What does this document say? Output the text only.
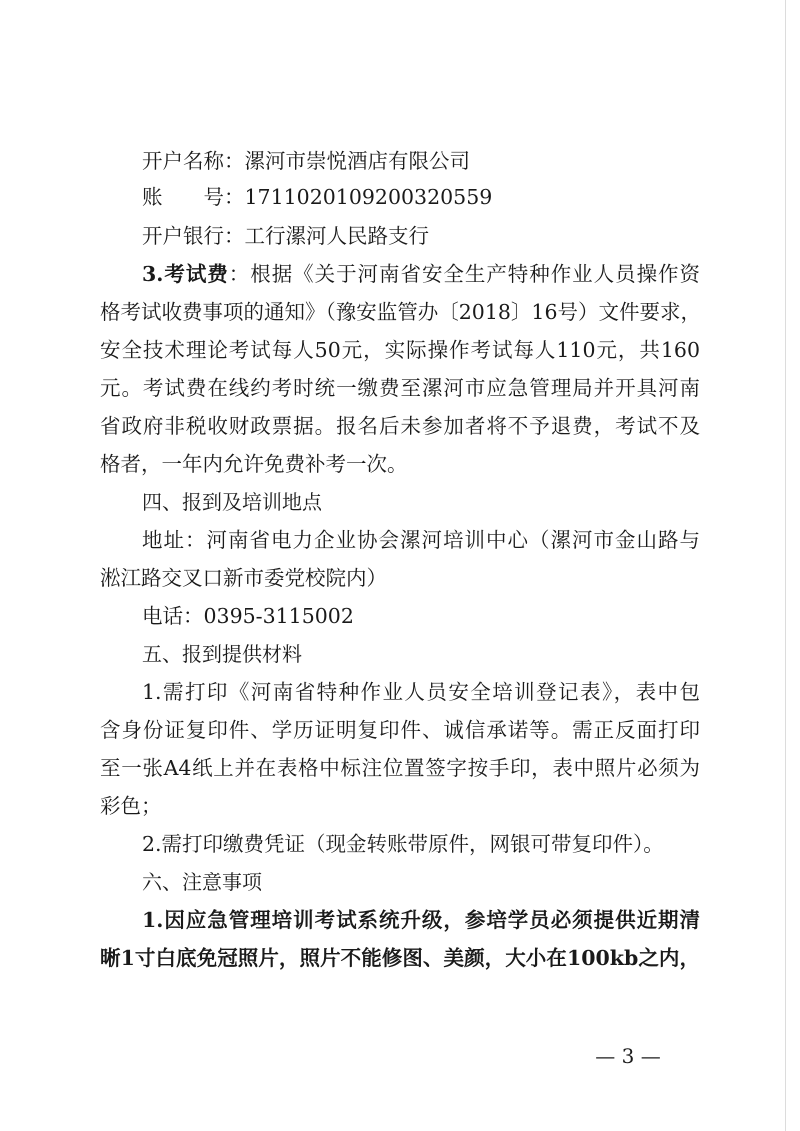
开户名称：漯河市崇悦酒店有限公司
账　　号：1711020109200320559
开户银行：工行漯河人民路支行
3.考试费：根据《关于河南省安全生产特种作业人员操作资
格考试收费事项的通知》（豫安监管办〔2018〕16号）文件要求，
安全技术理论考试每人50元，实际操作考试每人110元，共160
元。考试费在线约考时统一缴费至漯河市应急管理局并开具河南
省政府非税收财政票据。报名后未参加者将不予退费，考试不及
格者，一年内允许免费补考一次。
四、报到及培训地点
地址：河南省电力企业协会漯河培训中心（漯河市金山路与
淞江路交叉口新市委党校院内）
电话：0395-3115002
五、报到提供材料
1.需打印《河南省特种作业人员安全培训登记表》，表中包
含身份证复印件、学历证明复印件、诚信承诺等。需正反面打印
至一张A4纸上并在表格中标注位置签字按手印，表中照片必须为
彩色；
2.需打印缴费凭证（现金转账带原件，网银可带复印件）。
六、注意事项
1.因应急管理培训考试系统升级，参培学员必须提供近期清
晰1寸白底免冠照片，照片不能修图、美颜，大小在100kb之内，
— 3 —
